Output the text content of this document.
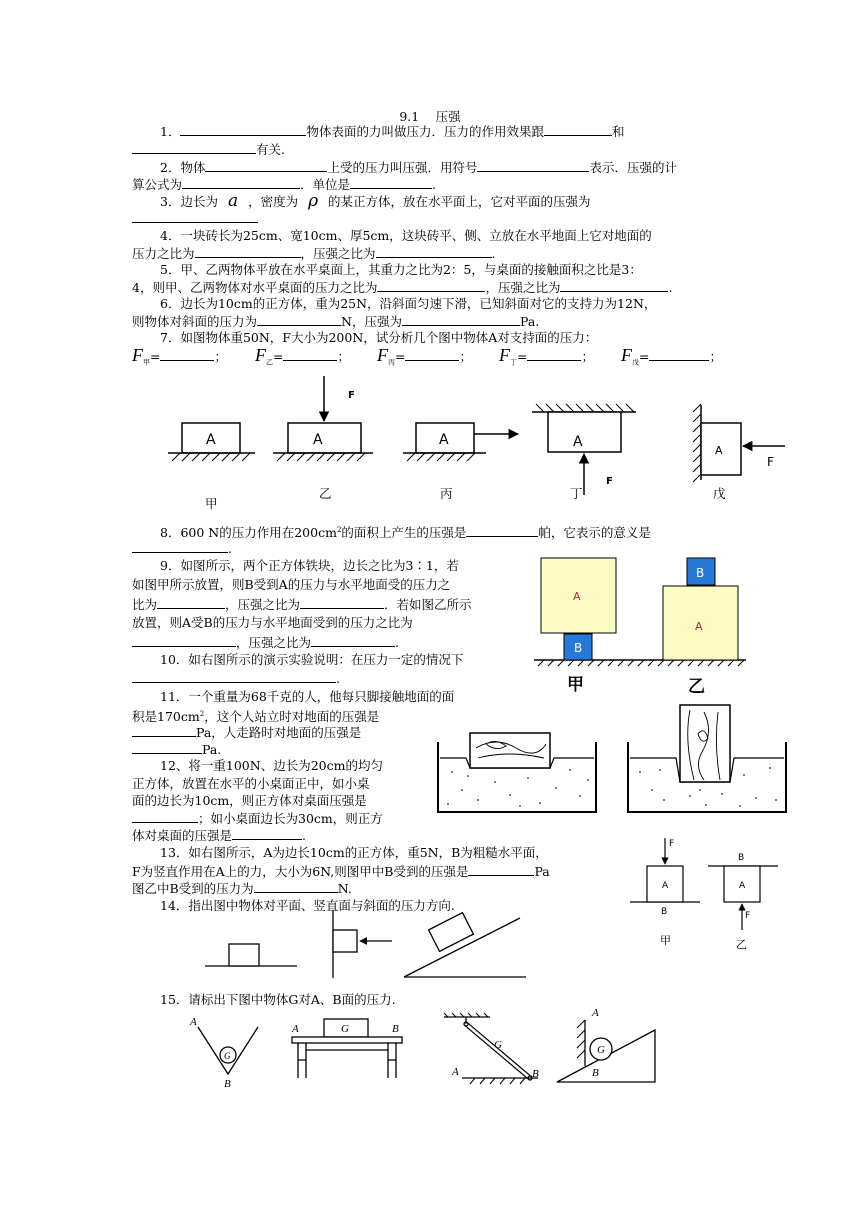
9.1　 压强
1．	物体表面的力叫做压力．压力的作用效果跟	和
有关.
2．物体	上受的压力叫压强．用符号	表示．压强的计
算公式为	．单位是	.
3．边长为 a ，密度为 ρ 的某正方体，放在水平面上，它对平面的压强为
4．一块砖长为25cm、宽10cm、厚5cm，这块砖平、侧、立放在水平地面上它对地面的
压力之比为	，压强之比为	.
5．甲、乙两物体平放在水平桌面上，其重力之比为2：5，与桌面的接触面积之比是3：
4，则甲、乙两物体对水平桌面的压力之比为	，压强之比为	.
6．边长为10cm的正方体，重为25N，沿斜面匀速下滑，已知斜面对它的支持力为12N，
则物体对斜面的压力为	N，压强为	Pa.
7．如图物体重50N，F大小为200N，试分析几个图中物体A对支持面的压力：
$F_甲=$	； $F_乙=$	； $F_丙=$	； $F_丁=$	； $F_戊=$	；
A	A	A	A
A
F
F
F
甲
乙	丙	丁	戊
8．600 N的压力作用在$200cm^2$的面积上产生的压强是	帕，它表示的意义是
.
9．如图所示，两个正方体铁块，边长之比为3∶1，若
如图甲所示放置，则B受到A的压力与水平地面受的压力之
比为	，压强之比为	．若如图乙所示
放置，则A受B的压力与水平地面受到的压力之比为
，压强之比为	.
A
A
B
B
甲	乙
10．如右图所示的演示实验说明：在压力一定的情况下
.
11．一个重量为68千克的人，他每只脚接触地面的面
积是$170cm^2$，这个人站立时对地面的压强是
Pa，人走路时对地面的压强是
Pa.
12、将一重100N、边长为20cm的均匀
正方体，放置在水平的小桌面正中，如小桌
面的边长为10cm，则正方体对桌面压强是
；如小桌面边长为30cm，则正方
体对桌面的压强是	.
13．如右图所示，A为边长10cm的正方体，重5N，B为粗糙水平面，
F为竖直作用在A上的力，大小为6N,则图甲中B受到的压强是	Pa
图乙中B受到的压力为	N.	A	A
B
B
F
F
甲	乙
14．指出图中物体对平面、竖直面与斜面的压力方向.
15．请标出下图中物体G对A、B面的压力.
G
A
B
G
A	B
G
A	B
G
A
B
